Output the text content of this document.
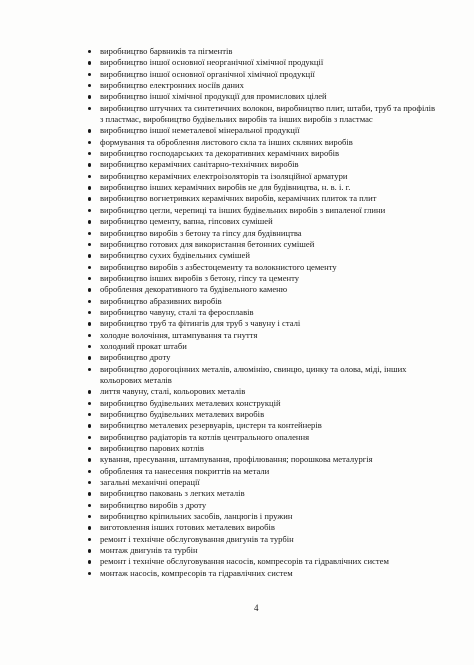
виробництво барвників та пігментів
виробництво іншої основної неорганічної хімічної продукції
виробництво іншої основної органічної хімічної продукції
виробництво електронних носіїв даних
виробництво іншої хімічної продукції для промислових цілей
виробництво штучних та синтетичних волокон, виробництво плит, штаби, труб та профілів з пластмас, виробництво будівельних виробів та інших виробів з пластмас
виробництво іншої неметалевої мінеральної продукції
формування та оброблення листового скла та інших скляних виробів
виробництво господарських та декоративних керамічних виробів
виробництво керамічних санітарно-технічних виробів
виробництво керамічних електроізоляторів та ізоляційної арматури
виробництво інших керамічних виробів не для будівництва, н. в. і. г.
виробництво вогнетривких керамічних виробів, керамічних плиток та плит
виробництво цегли, черепиці та інших будівельних виробів з випаленої глини
виробництво цементу, вапна, гіпсових сумішей
виробництво виробів з бетону та гіпсу для будівництва
виробництво готових для використання бетонних сумішей
виробництво сухих будівельних сумішей
виробництво виробів з азбестоцементу та волокнистого цементу
виробництво інших виробів з бетону, гіпсу та цементу
оброблення декоративного та будівельного каменю
виробництво абразивних виробів
виробництво чавуну, сталі та феросплавів
виробництво труб та фітингів для труб з чавуну і сталі
холодне волочіння, штампування та гнуття
холодний прокат штаби
виробництво дроту
виробництво дорогоцінних металів, алюмінію, свинцю, цинку та олова, міді, інших кольорових металів
лиття чавуну, сталі, кольорових металів
виробництво будівельних металевих конструкцій
виробництво будівельних металевих виробів
виробництво металевих резервуарів, цистерн та контейнерів
виробництво радіаторів та котлів центрального опалення
виробництво парових котлів
кування, пресування, штампування, профілювання; порошкова металургія
оброблення та нанесення покриттів на метали
загальні механічні операції
виробництво паковань з легких металів
виробництво виробів з дроту
виробництво кріпильних засобів, ланцюгів і пружин
виготовлення інших готових металевих виробів
ремонт і технічне обслуговування двигунів та турбін
монтаж двигунів та турбін
ремонт і технічне обслуговування насосів, компресорів та гідравлічних систем
монтаж насосів, компресорів та гідравлічних систем
4
